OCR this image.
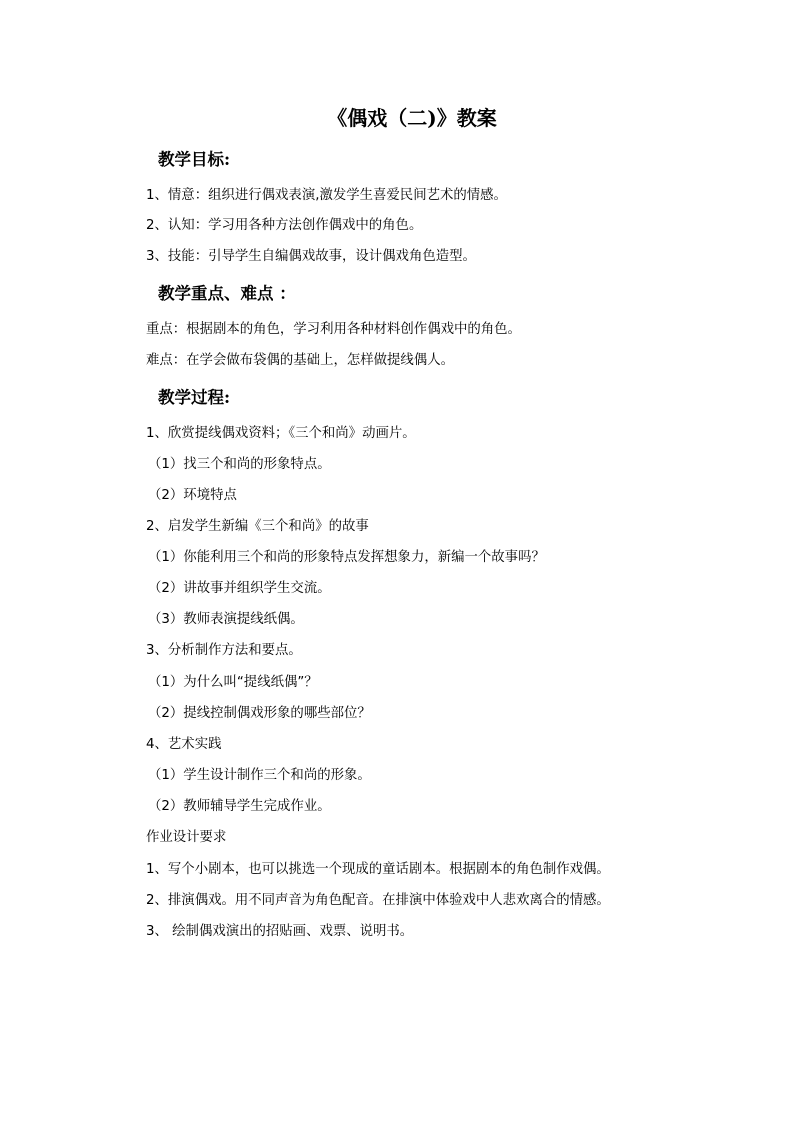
《偶戏（二)》教案
教学目标:
1、情意：组织进行偶戏表演,激发学生喜爱民间艺术的情感。
2、认知：学习用各种方法创作偶戏中的角色。
3、技能：引导学生自编偶戏故事，设计偶戏角色造型。
教学重点、难点 ：
重点：根据剧本的角色，学习利用各种材料创作偶戏中的角色。
难点：在学会做布袋偶的基础上，怎样做提线偶人。
教学过程:
1、欣赏提线偶戏资料；《三个和尚》动画片。
（1）找三个和尚的形象特点。
（2）环境特点
2、启发学生新编《三个和尚》的故事
（1）你能利用三个和尚的形象特点发挥想象力，新编一个故事吗？
（2）讲故事并组织学生交流。
（3）教师表演提线纸偶。
3、分析制作方法和要点。
（1）为什么叫“提线纸偶”？
（2）提线控制偶戏形象的哪些部位？
4、艺术实践
（1）学生设计制作三个和尚的形象。
（2）教师辅导学生完成作业。
作业设计要求
1、写个小剧本，也可以挑选一个现成的童话剧本。根据剧本的角色制作戏偶。
2、排演偶戏。用不同声音为角色配音。在排演中体验戏中人悲欢离合的情感。
3、 绘制偶戏演出的招贴画、戏票、说明书。
